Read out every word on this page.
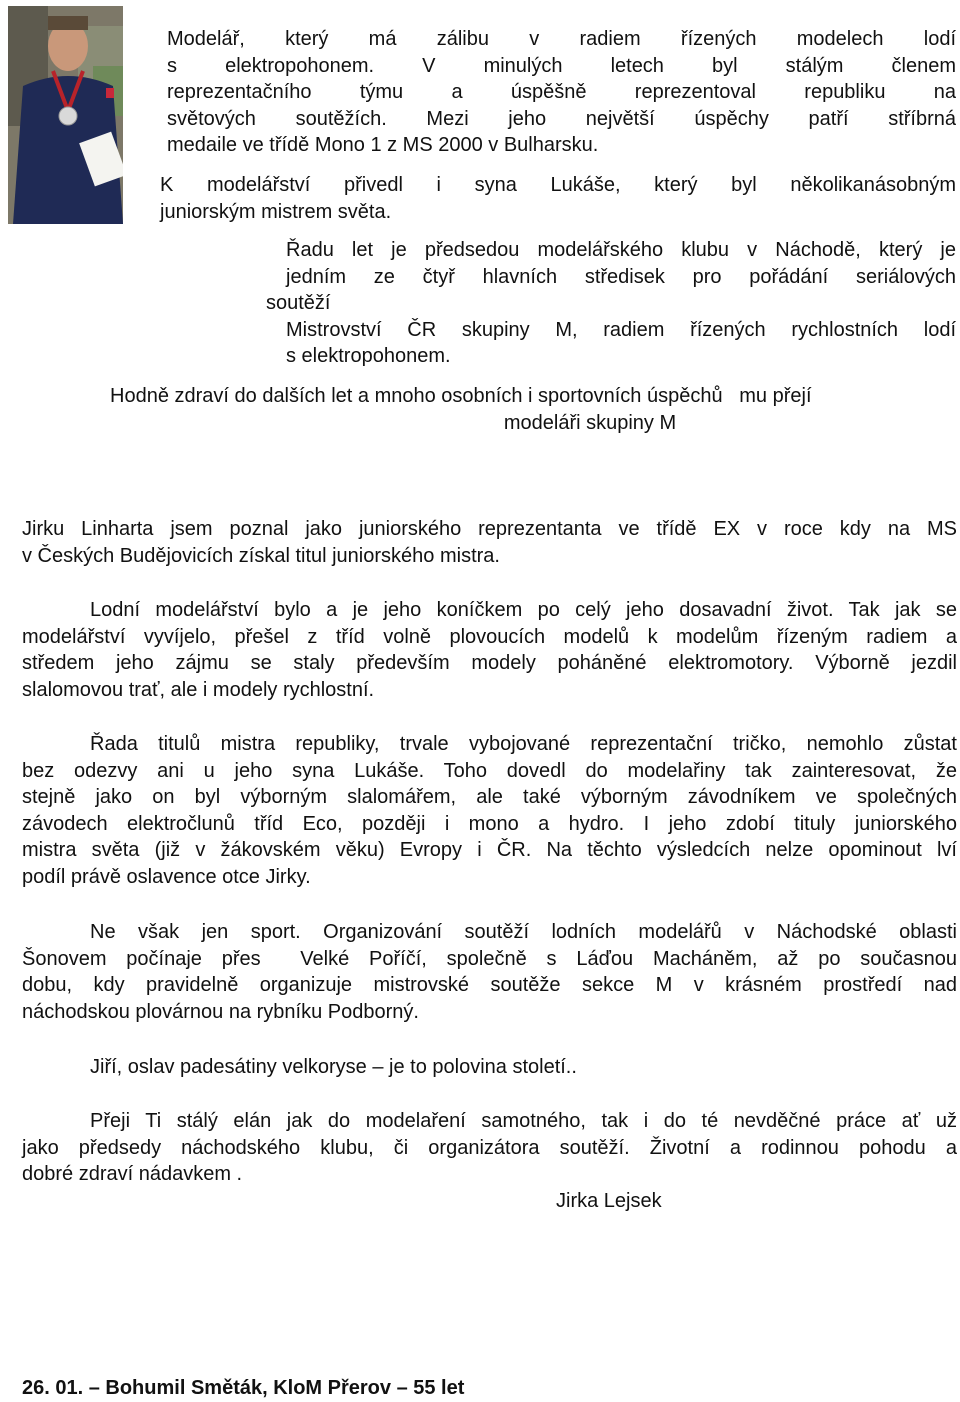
Modelář, který má zálibu v radiem řízených modelech lodí
s elektropohonem. V minulých letech byl stálým členem
reprezentačního týmu a úspěšně reprezentoval republiku na
světových soutěžích. Mezi jeho největší úspěchy patří stříbrná
medaile ve třídě Mono 1 z MS 2000 v Bulharsku.
K modelářství přivedl i syna Lukáše, který byl několikanásobným
juniorským mistrem světa.
Řadu let je předsedou modelářského klubu v Náchodě, který je
jedním ze čtyř hlavních středisek pro pořádání seriálových
soutěží
Mistrovství ČR skupiny M, radiem řízených rychlostních lodí
s elektropohonem.
Hodně zdraví do dalších let a mnoho osobních i sportovních úspěchů   mu přejí
modeláři skupiny M
Jirku Linharta jsem poznal jako juniorského reprezentanta ve třídě EX v roce kdy na MS
v Českých Budějovicích získal titul juniorského mistra.
Lodní modelářství bylo a je jeho koníčkem po celý jeho dosavadní život. Tak jak se
modelářství vyvíjelo, přešel z tříd volně plovoucích modelů k modelům řízeným radiem a
středem jeho zájmu se staly především modely poháněné elektromotory. Výborně jezdil
slalomovou trať, ale i modely rychlostní.
Řada titulů mistra republiky, trvale vybojované reprezentační tričko, nemohlo zůstat
bez odezvy ani u jeho syna Lukáše. Toho dovedl do modelařiny tak zainteresovat, že
stejně jako on byl výborným slalomářem, ale také výborným závodníkem ve společných
závodech elektročlunů tříd Eco, později i mono a hydro. I jeho zdobí tituly juniorského
mistra světa (již v žákovském věku) Evropy i ČR. Na těchto výsledcích nelze opominout lví
podíl právě oslavence otce Jirky.
Ne však jen sport. Organizování soutěží lodních modelářů v Náchodské oblasti
Šonovem počínaje přes  Velké Poříčí, společně s Láďou Macháněm, až po současnou
dobu, kdy pravidelně organizuje mistrovské soutěže sekce M v krásném prostředí nad
náchodskou plovárnou na rybníku Podborný.
Jiří, oslav padesátiny velkoryse – je to polovina století..
Přeji Ti stálý elán jak do modelaření samotného, tak i do té nevděčné práce ať už
jako předsedy náchodského klubu, či organizátora soutěží. Životní a rodinnou pohodu a
dobré zdraví nádavkem .
Jirka Lejsek
26. 01. – Bohumil Směták, KloM Přerov – 55 let
